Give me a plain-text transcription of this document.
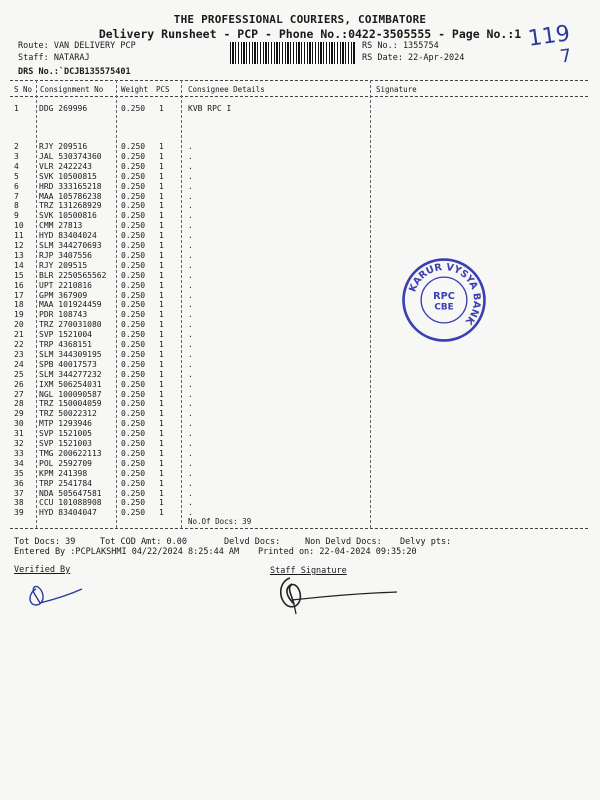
THE PROFESSIONAL COURIERS, COIMBATORE
Delivery Runsheet - PCP - Phone No.:0422-3505555 - Page No.:1 119
7
Route: VAN DELIVERY PCP
Staff: NATARAJ
DRS No.:`DCJB135575401
RS No.: 1355754
RS Date: 22-Apr-2024
S No Consignment No Weight PCS Consignee Details	Signature
1	DDG 269996	0.250 1	KVB RPC I
2	RJY 209516	0.250 1	.
3	JAL 530374360 0.250 1	.
4	VLR 2422243	0.250 1	.
5	SVK 10500815	0.250 1	.
6	HRD 333165218 0.250 1	.
7	MAA 105786238 0.250 1	.
8	TRZ 131268929 0.250 1	.
9	SVK 10500816	0.250 1	.
10 CMM 27813	0.250 1	.
11 HYD 83404024	0.250 1	.
12 SLM 344270693 0.250 1	.
13 RJP 3407556	0.250 1	.
14 RJY 209515	0.250 1	.
15 BLR 2250565562 0.250 1	.
16 UPT 2210816	0.250 1	.
17 GPM 367909	0.250 1	.
18 MAA 101924459 0.250 1	.
19 PDR 108743	0.250 1	.
20 TRZ 270031080 0.250 1	.
21 SVP 1521004	0.250 1	.
22 TRP 4368151	0.250 1	.
23 SLM 344309195 0.250 1	.
24 SPB 40017573	0.250 1	.
25 SLM 344277232 0.250 1	.
26 IXM 506254031 0.250 1	.
27 NGL 100090587 0.250 1	.
28 TRZ 150004059 0.250 1	.
29 TRZ 50022312	0.250 1	.
30 MTP 1293946	0.250 1	.
31 SVP 1521005	0.250 1	.
32 SVP 1521003	0.250 1	.
33 TMG 200622113 0.250 1	.
34 POL 2592709	0.250 1	.
35 KPM 241398	0.250 1	.
36 TRP 2541784	0.250 1	.
37 NDA 505647581 0.250 1	.
38 CCU 101088908 0.250 1	.
39 HYD 83404047	0.250 1	.
No.Of Docs: 39
Tot Docs: 39	Tot COD Amt: 0.00	Delvd Docs:	Non Delvd Docs: Delvy pts:
Entered By :PCPLAKSHMI 04/22/2024 8:25:44 AM Printed on: 22-04-2024 09:35:20
Verified By	Staff Signature
KARUR VYSYA BANK
RPC
CBE
